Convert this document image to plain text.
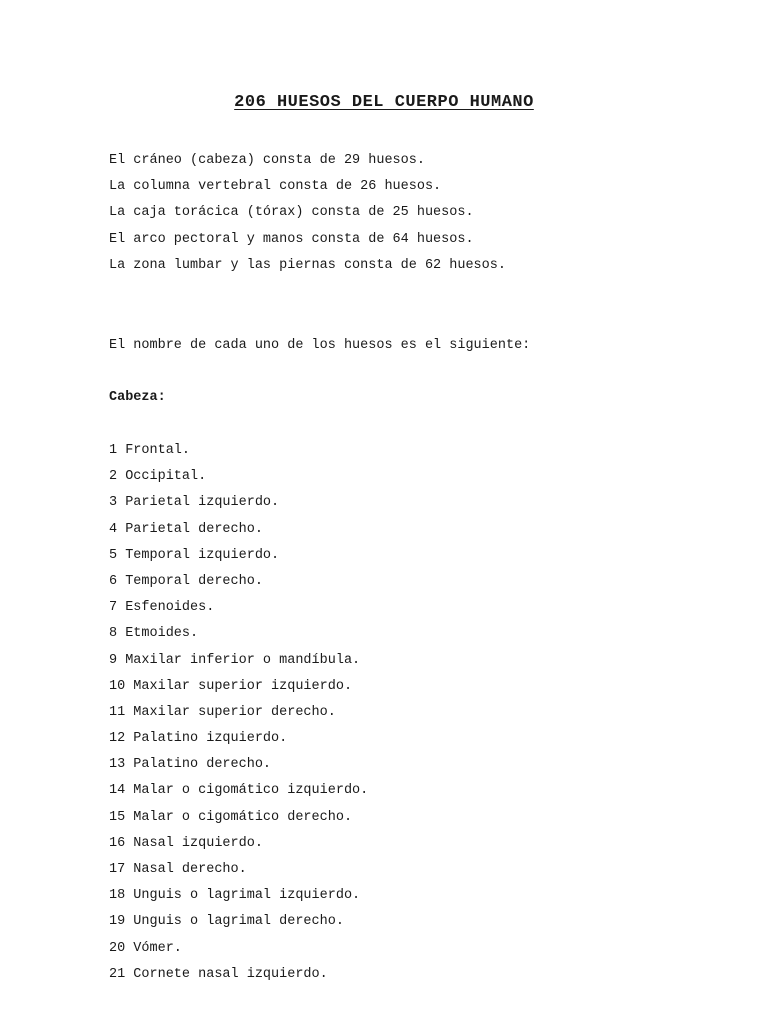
206 HUESOS DEL CUERPO HUMANO
El cráneo (cabeza) consta de 29 huesos.
La columna vertebral consta de 26 huesos.
La caja torácica (tórax) consta de 25 huesos.
El arco pectoral y manos consta de 64 huesos.
La zona lumbar y las piernas consta de 62 huesos.
El nombre de cada uno de los huesos es el siguiente:
Cabeza:
1 Frontal.
2 Occipital.
3 Parietal izquierdo.
4 Parietal derecho.
5 Temporal izquierdo.
6 Temporal derecho.
7 Esfenoides.
8 Etmoides.
9 Maxilar inferior o mandíbula.
10 Maxilar superior izquierdo.
11 Maxilar superior derecho.
12 Palatino izquierdo.
13 Palatino derecho.
14 Malar o cigomático izquierdo.
15 Malar o cigomático derecho.
16 Nasal izquierdo.
17 Nasal derecho.
18 Unguis o lagrimal izquierdo.
19 Unguis o lagrimal derecho.
20 Vómer.
21 Cornete nasal izquierdo.
